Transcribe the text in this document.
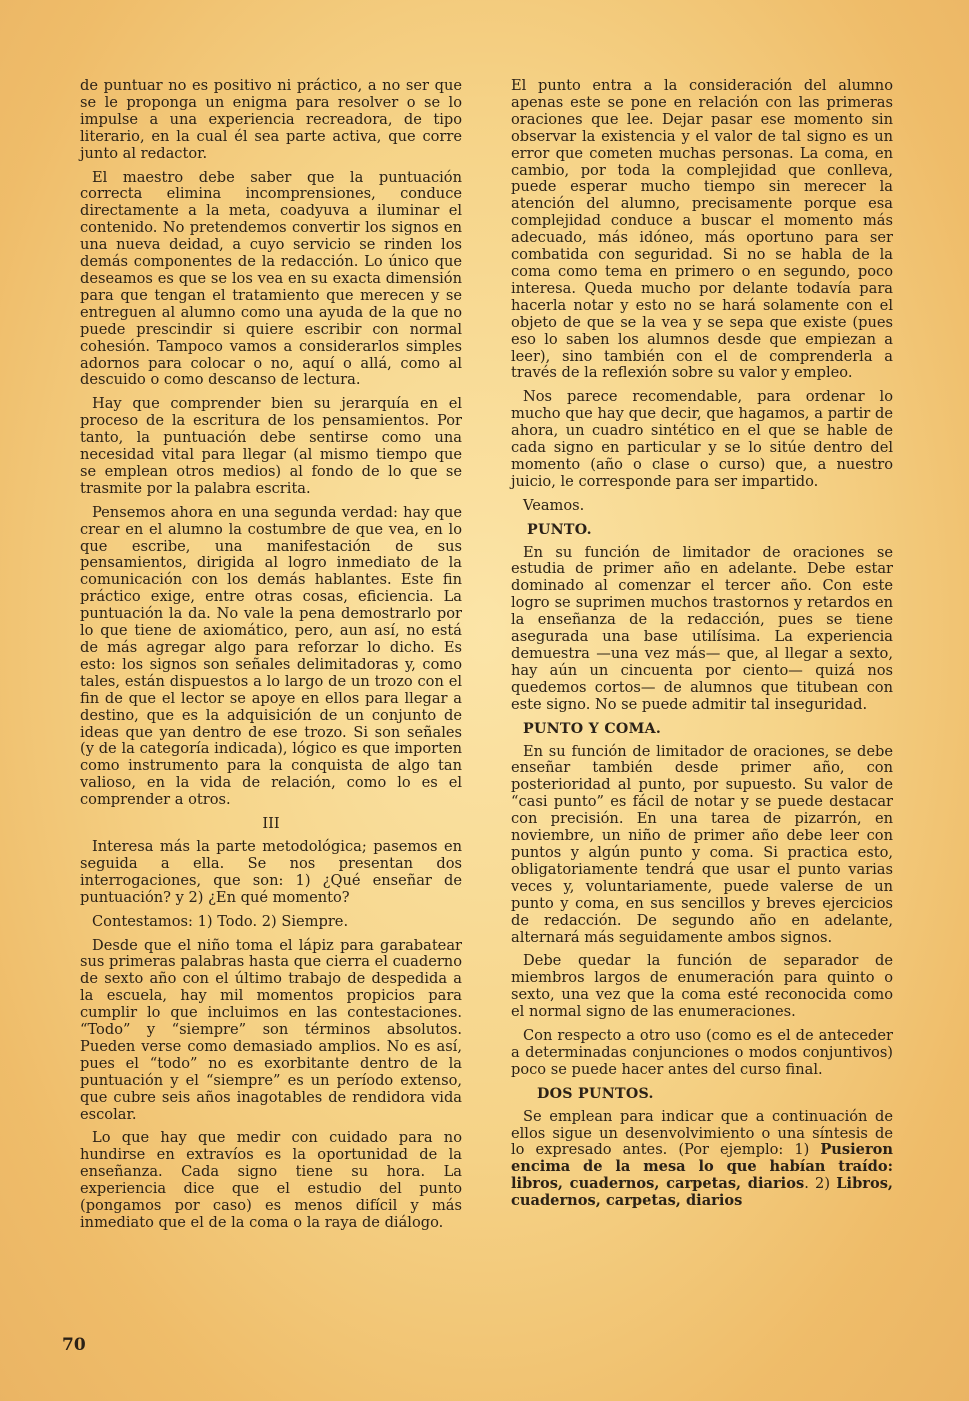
de puntuar no es positivo ni práctico, a no ser que se le proponga un enigma para resolver o se lo impulse a una experiencia recreadora, de tipo literario, en la cual él sea parte activa, que corre junto al redactor.

El maestro debe saber que la puntuación correcta elimina incomprensiones, conduce directamente a la meta, coadyuva a iluminar el contenido. No pretendemos convertir los signos en una nueva deidad, a cuyo servicio se rinden los demás componentes de la redacción. Lo único que deseamos es que se los vea en su exacta dimensión para que tengan el tratamiento que merecen y se entreguen al alumno como una ayuda de la que no puede prescindir si quiere escribir con normal cohesión. Tampoco vamos a considerarlos simples adornos para colocar o no, aquí o allá, como al descuido o como descanso de lectura.

Hay que comprender bien su jerarquía en el proceso de la escritura de los pensamientos. Por tanto, la puntuación debe sentirse como una necesidad vital para llegar (al mismo tiempo que se emplean otros medios) al fondo de lo que se trasmite por la palabra escrita.

Pensemos ahora en una segunda verdad: hay que crear en el alumno la costumbre de que vea, en lo que escribe, una manifestación de sus pensamientos, dirigida al logro inmediato de la comunicación con los demás hablantes. Este fin práctico exige, entre otras cosas, eficiencia. La puntuación la da. No vale la pena demostrarlo por lo que tiene de axiomático, pero, aun así, no está de más agregar algo para reforzar lo dicho. Es esto: los signos son señales delimitadoras y, como tales, están dispuestos a lo largo de un trozo con el fin de que el lector se apoye en ellos para llegar a destino, que es la adquisición de un conjunto de ideas que yan dentro de ese trozo. Si son señales (y de la categoría indicada), lógico es que importen como instrumento para la conquista de algo tan valioso, en la vida de relación, como lo es el comprender a otros.

III

Interesa más la parte metodológica; pasemos en seguida a ella. Se nos presentan dos interrogaciones, que son: 1) ¿Qué enseñar de puntuación? y 2) ¿En qué momento?

Contestamos: 1) Todo. 2) Siempre.

Desde que el niño toma el lápiz para garabatear sus primeras palabras hasta que cierra el cuaderno de sexto año con el último trabajo de despedida a la escuela, hay mil momentos propicios para cumplir lo que incluimos en las contestaciones. “Todo” y “siempre” son términos absolutos. Pueden verse como demasiado amplios. No es así, pues el “todo” no es exorbitante dentro de la puntuación y el “siempre” es un período extenso, que cubre seis años inagotables de rendidora vida escolar.

Lo que hay que medir con cuidado para no hundirse en extravíos es la oportunidad de la enseñanza. Cada signo tiene su hora. La experiencia dice que el estudio del punto (pongamos por caso) es menos difícil y más inmediato que el de la coma o la raya de diálogo.

El punto entra a la consideración del alumno apenas este se pone en relación con las primeras oraciones que lee. Dejar pasar ese momento sin observar la existencia y el valor de tal signo es un error que cometen muchas personas. La coma, en cambio, por toda la complejidad que conlleva, puede esperar mucho tiempo sin merecer la atención del alumno, precisamente porque esa complejidad conduce a buscar el momento más adecuado, más idóneo, más oportuno para ser combatida con seguridad. Si no se habla de la coma como tema en primero o en segundo, poco interesa. Queda mucho por delante todavía para hacerla notar y esto no se hará solamente con el objeto de que se la vea y se sepa que existe (pues eso lo saben los alumnos desde que empiezan a leer), sino también con el de comprenderla a través de la reflexión sobre su valor y empleo.

Nos parece recomendable, para ordenar lo mucho que hay que decir, que hagamos, a partir de ahora, un cuadro sintético en el que se hable de cada signo en particular y se lo sitúe dentro del momento (año o clase o curso) que, a nuestro juicio, le corresponde para ser impartido.

Veamos.

PUNTO.

En su función de limitador de oraciones se estudia de primer año en adelante. Debe estar dominado al comenzar el tercer año. Con este logro se suprimen muchos trastornos y retardos en la enseñanza de la redacción, pues se tiene asegurada una base utilísima. La experiencia demuestra —una vez más— que, al llegar a sexto, hay aún un cincuenta por ciento— quizá nos quedemos cortos— de alumnos que titubean con este signo. No se puede admitir tal inseguridad.

PUNTO Y COMA.

En su función de limitador de oraciones, se debe enseñar también desde primer año, con posterioridad al punto, por supuesto. Su valor de “casi punto” es fácil de notar y se puede destacar con precisión. En una tarea de pizarrón, en noviembre, un niño de primer año debe leer con puntos y algún punto y coma. Si practica esto, obligatoriamente tendrá que usar el punto varias veces y, voluntariamente, puede valerse de un punto y coma, en sus sencillos y breves ejercicios de redacción. De segundo año en adelante, alternará más seguidamente ambos signos.

Debe quedar la función de separador de miembros largos de enumeración para quinto o sexto, una vez que la coma esté reconocida como el normal signo de las enumeraciones.

Con respecto a otro uso (como es el de anteceder a determinadas conjunciones o modos conjuntivos) poco se puede hacer antes del curso final.

DOS PUNTOS.

Se emplean para indicar que a continuación de ellos sigue un desenvolvimiento o una síntesis de lo expresado antes. (Por ejemplo: 1) Pusieron encima de la mesa lo que habían traído: libros, cuadernos, carpetas, diarios. 2) Libros, cuadernos, carpetas, diarios

70
